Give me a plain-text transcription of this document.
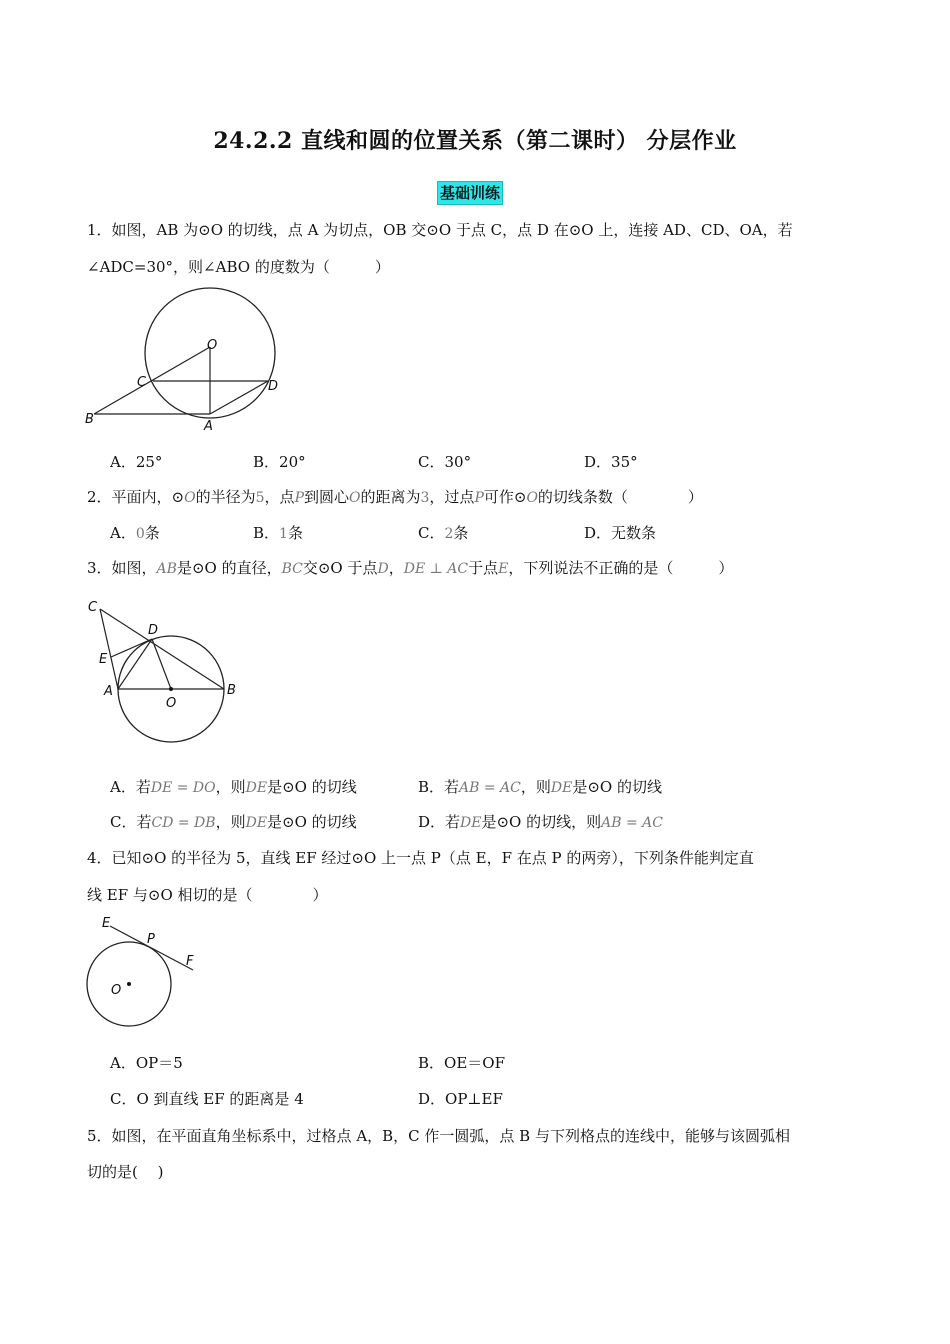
24.2.2 直线和圆的位置关系（第二课时） 分层作业
基础训练
1．如图，AB 为⊙O 的切线，点 A 为切点，OB 交⊙O 于点 C，点 D 在⊙O 上，连接 AD、CD、OA，若
∠ADC=30°，则∠ABO 的度数为（　　　）
O
C	D
B	A
A．25°	B．20°	C．30°	D．35°
2．平面内，⊙O的半径为5，点P到圆心O的距离为3，过点P可作⊙O的切线条数（　　　　）
A．0条	B．1条	C．2条	D．无数条
3．如图，AB是⊙O 的直径，BC交⊙O 于点D，DE ⊥ AC于点E，下列说法不正确的是（　　　）
C
D
E
A	B
O
A．若DE = DO，则DE是⊙O 的切线	B．若AB = AC，则DE是⊙O 的切线
C．若CD = DB，则DE是⊙O 的切线	D．若DE是⊙O 的切线，则AB = AC
4．已知⊙O 的半径为 5，直线 EF 经过⊙O 上一点 P（点 E，F 在点 P 的两旁），下列条件能判定直
线 EF 与⊙O 相切的是（　　　　）
E
P
F
O
A．OP＝5	B．OE＝OF
C．O 到直线 EF 的距离是 4	D．OP⊥EF
5．如图，在平面直角坐标系中，过格点 A，B，C 作一圆弧，点 B 与下列格点的连线中，能够与该圆弧相
切的是(　 )
